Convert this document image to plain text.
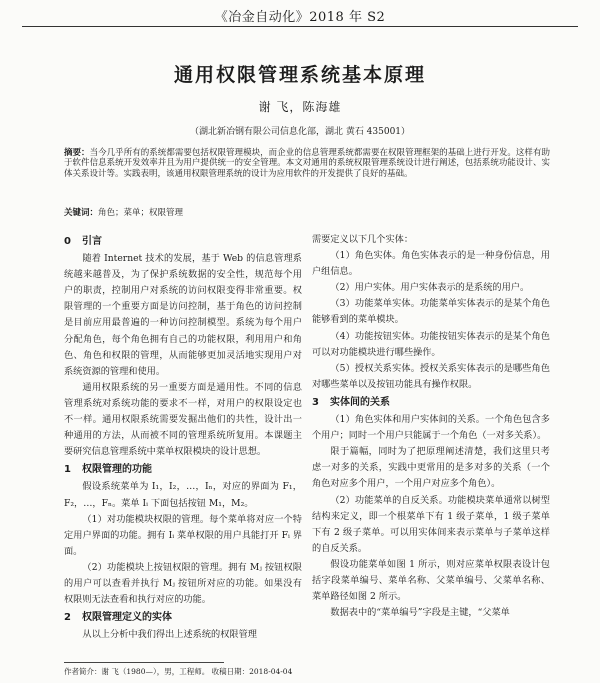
《冶金自动化》2018 年 S2
通用权限管理系统基本原理
谢 飞，陈海雄
（湖北新冶钢有限公司信息化部，湖北 黄石 435001）

摘要：当今几乎所有的系统都需要包括权限管理模块，而企业的信息管理系统都需要在权限管理框架的基础上进行开发。这样有助于软件信息系统开发效率并且为用户提供统一的安全管理。本文对通用的系统权限管理系统设计进行阐述，包括系统功能设计、实体关系设计等。实践表明，该通用权限管理系统的设计为应用软件的开发提供了良好的基础。

关键词：角色；菜单；权限管理

0 引言

随着 Internet 技术的发展，基于 Web 的信息管理系统越来越普及，为了保护系统数据的安全性，规范每个用户的职责，控制用户对系统的访问权限变得非常重要。权限管理的一个重要方面是访问控制，基于角色的访问控制是目前应用最普遍的一种访问控制模型。系统为每个用户分配角色，每个角色拥有自己的功能权限，利用用户和角色、角色和权限的管理，从而能够更加灵活地实现用户对系统资源的管理和使用。

通用权限系统的另一重要方面是通用性。不同的信息管理系统对系统功能的要求不一样，对用户的权限设定也不一样。通用权限系统需要发掘出他们的共性，设计出一种通用的方法，从而被不同的管理系统所复用。本课题主要研究信息管理系统中菜单权限模块的设计思想。

1 权限管理的功能

假设系统菜单为 I₁，I₂，…，Iₙ，对应的界面为 F₁，F₂，…，Fₙ。菜单 Iᵢ 下面包括按钮 M₁，M₂。

（1）对功能模块权限的管理。每个菜单将对应一个特定用户界面的功能。拥有 Iᵢ 菜单权限的用户具能打开 Fᵢ 界面。

（2）功能模块上按钮权限的管理。拥有 Mⱼ 按钮权限的用户可以查看并执行 Mⱼ 按钮所对应的功能。如果没有权限则无法查看和执行对应的功能。

2 权限管理定义的实体

从以上分析中我们得出上述系统的权限管理

需要定义以下几个实体：

（1）角色实体。角色实体表示的是一种身份信息，用户组信息。

（2）用户实体。用户实体表示的是系统的用户。

（3）功能菜单实体。功能菜单实体表示的是某个角色能够看到的菜单模块。

（4）功能按钮实体。功能按钮实体表示的是某个角色可以对功能模块进行哪些操作。

（5）授权关系实体。授权关系实体表示的是哪些角色对哪些菜单以及按钮功能具有操作权限。

3 实体间的关系

（1）角色实体和用户实体间的关系。一个角色包含多个用户；同时一个用户只能属于一个角色（一对多关系）。

限于篇幅，同时为了把原理阐述清楚，我们这里只考虑一对多的关系，实践中更常用的是多对多的关系（一个角色对应多个用户，一个用户对应多个角色）。

（2）功能菜单的自反关系。功能模块菜单通常以树型结构来定义，即一个根菜单下有 1 级子菜单，1 级子菜单下有 2 级子菜单。可以用实体间来表示菜单与子菜单这样的自反关系。

假设功能菜单如图 1 所示，则对应菜单权限表设计包括字段菜单编号、菜单名称、父菜单编号、父菜单名称、菜单路径如图 2 所示。

数据表中的“菜单编号”字段是主键，“父菜单

作者简介：谢 飞（1980—），男，工程师。 收稿日期：2018-04-04
